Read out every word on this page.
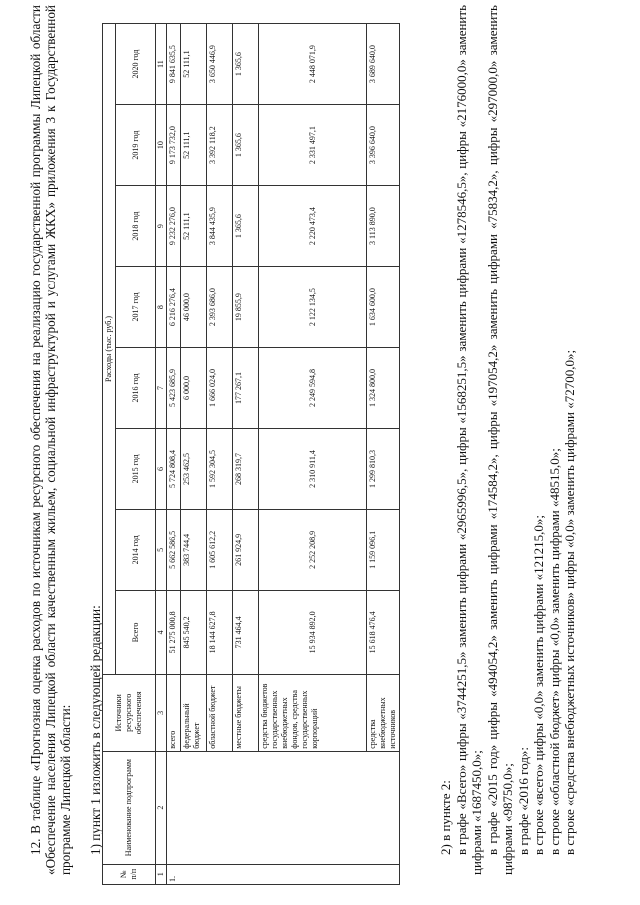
12. В таблице «Прогнозная оценка расходов по источникам ресурсного обеспечения на реализацию государственной программы Липецкой области «Обеспечение населения Липецкой области качественным жильем, социальной инфраструктурой и услугами ЖКХ» приложения 3 к Государственной программе Липецкой области: 1) пункт 1 изложить в следующей редакции:
№ п/п	Наименование подпрограмм	Источники ресурсного обеспечения	Расходы (тыс. руб.)							
			Всего	2014 год	2015 год	2016 год	2017 год	2018 год	2019 год	2020 год
1	2	3	4	5	6	7	8	9	10	11
1.		всего	51 275 000,8	5 662 586,5	5 724 808,4	5 423 685,9	6 216 276,4	9 232 276,0	9 173 732,0	9 841 635,5
		федеральный бюджет	845 540,2	383 744,4	253 462,5	6 000,0	46 000,0	52 111,1	52 111,1	52 111,1
		областной бюджет	18 144 627,8	1 605 612,2	1 592 304,5	1 666 024,0	2 393 686,0	3 844 435,9	3 392 118,2	3 650 446,9
		местные бюджеты	731 464,4	261 924,9	268 319,7	177 267,1	19 855,9	1 365,6	1 365,6	1 365,6
		средства бюджетов государственных внебюджетных фондов, средства государственных корпораций	15 934 892,0	2 252 208,9	2 310 911,4	2 249 594,8	2 122 134,5	2 220 473,4	2 331 497,1	2 448 071,9
		средства внебюджетных источников	15 618 476,4	1 159 096,1	1 299 810,3	1 324 800,0	1 634 600,0	3 113 890,0	3 396 640,0	3 689 640,0
2) в пункте 2: в графе «Всего» цифры «3744251,5» заменить цифрами «2965996,5», цифры «1568251,5» заменить цифрами «1278546,5», цифры «2176000,0» заменить цифрами «1687450,0»; в графе «2015 год» цифры «494054,2» заменить цифрами «174584,2», цифры «197054,2» заменить цифрами «75834,2», цифры «297000,0» заменить цифрами «98750,0»; в графе «2016 год»: в строке «всего» цифры «0,0» заменить цифрами «121215,0»; в строке «областной бюджет» цифры «0,0» заменить цифрами «48515,0»; в строке «средства внебюджетных источников» цифры «0,0» заменить цифрами «72700,0»;
